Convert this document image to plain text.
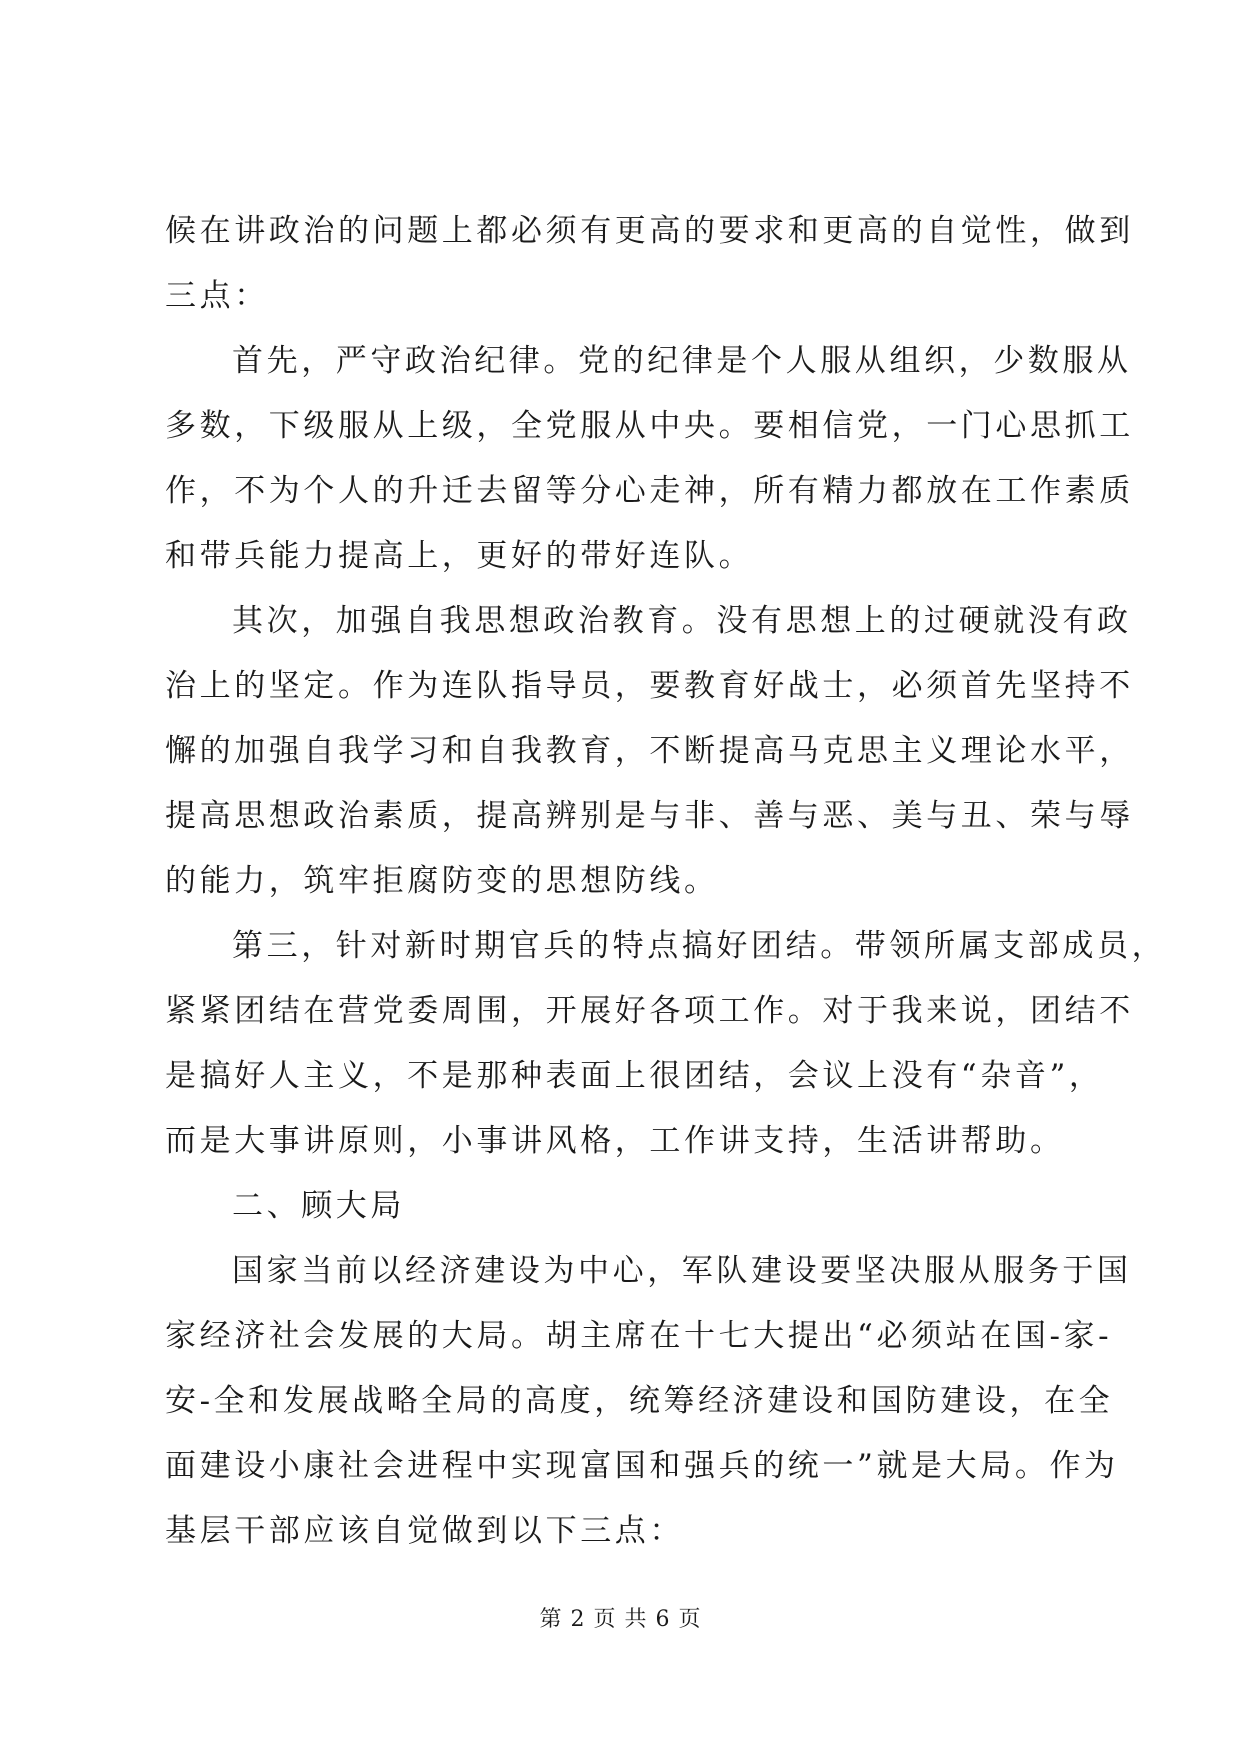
候在讲政治的问题上都必须有更高的要求和更高的自觉性，做到
三点：
首先，严守政治纪律。党的纪律是个人服从组织，少数服从
多数，下级服从上级，全党服从中央。要相信党，一门心思抓工
作，不为个人的升迁去留等分心走神，所有精力都放在工作素质
和带兵能力提高上，更好的带好连队。
其次，加强自我思想政治教育。没有思想上的过硬就没有政
治上的坚定。作为连队指导员，要教育好战士，必须首先坚持不
懈的加强自我学习和自我教育，不断提高马克思主义理论水平，
提高思想政治素质，提高辨别是与非、善与恶、美与丑、荣与辱
的能力，筑牢拒腐防变的思想防线。
第三，针对新时期官兵的特点搞好团结。带领所属支部成员，
紧紧团结在营党委周围，开展好各项工作。对于我来说，团结不
是搞好人主义，不是那种表面上很团结，会议上没有“杂音”，
而是大事讲原则，小事讲风格，工作讲支持，生活讲帮助。
二、顾大局
国家当前以经济建设为中心，军队建设要坚决服从服务于国
家经济社会发展的大局。胡主席在十七大提出“必须站在国-家-
安-全和发展战略全局的高度，统筹经济建设和国防建设，在全
面建设小康社会进程中实现富国和强兵的统一”就是大局。作为
基层干部应该自觉做到以下三点：
第 2 页 共 6 页
